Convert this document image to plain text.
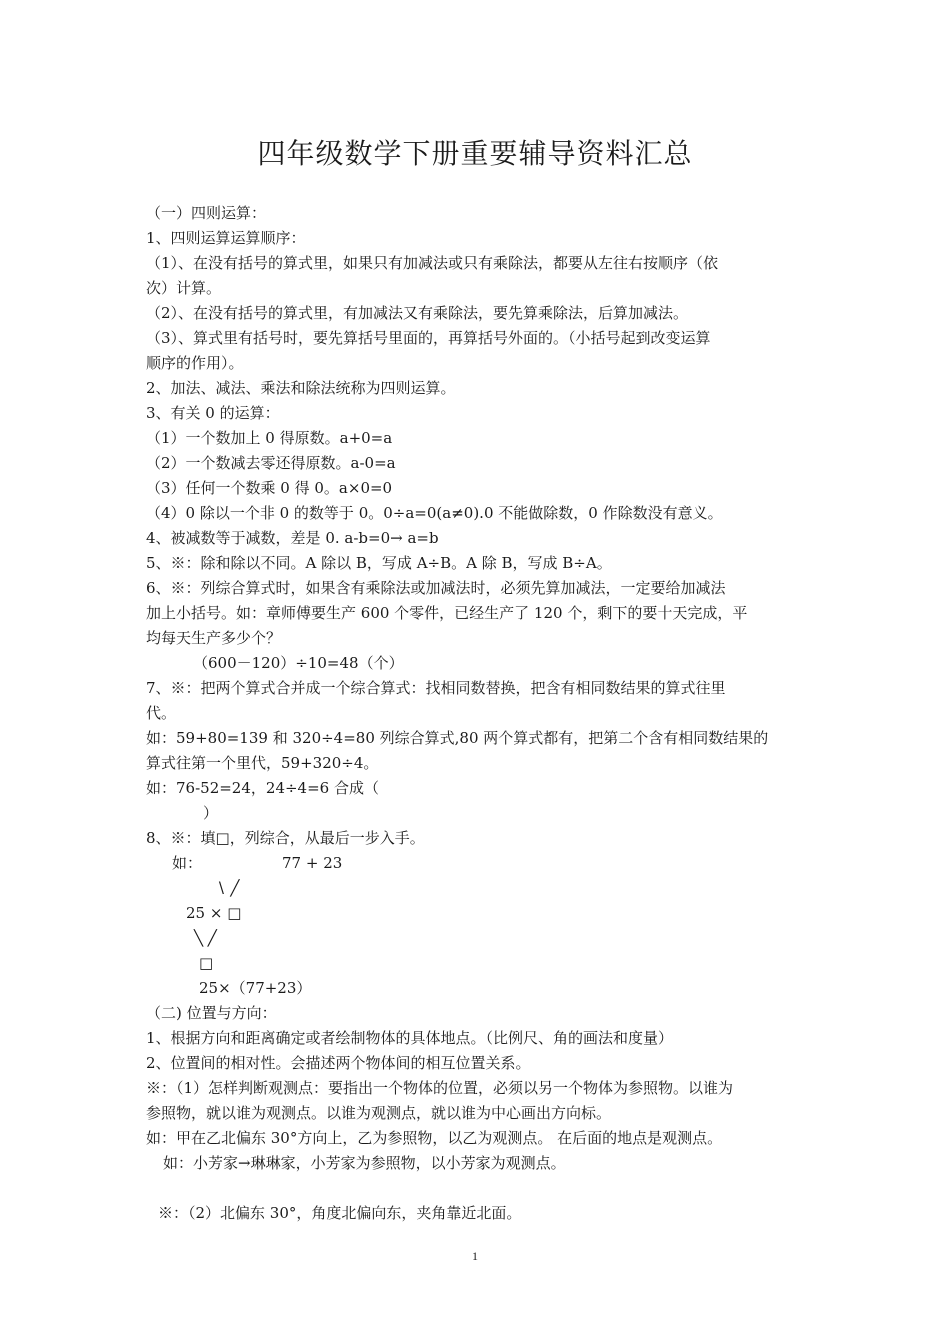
四年级数学下册重要辅导资料汇总
（一）四则运算：
1、四则运算运算顺序：
（1）、在没有括号的算式里，如果只有加减法或只有乘除法，都要从左往右按顺序（依
次）计算。
（2）、在没有括号的算式里，有加减法又有乘除法，要先算乘除法，后算加减法。
（3）、算式里有括号时，要先算括号里面的，再算括号外面的。（小括号起到改变运算
顺序的作用）。
2、加法、减法、乘法和除法统称为四则运算。
3、有关 0 的运算：
（1）一个数加上 0 得原数。a+0=a
（2）一个数减去零还得原数。a-0=a
（3）任何一个数乘 0 得 0。a×0=0
（4）0 除以一个非 0 的数等于 0。0÷a=0(a≠0).0 不能做除数，0 作除数没有意义。
4、被减数等于减数，差是 0. a-b=0→ a=b
5、※：除和除以不同。A 除以 B，写成 A÷B。A 除 B，写成 B÷A。
6、※：列综合算式时，如果含有乘除法或加减法时，必须先算加减法，一定要给加减法
加上小括号。如：章师傅要生产 600 个零件，已经生产了 120 个，剩下的要十天完成，平
均每天生产多少个？
（600－120）÷10=48（个）
7、※：把两个算式合并成一个综合算式：找相同数替换，把含有相同数结果的算式往里
代。
如：59+80=139 和 320÷4=80 列综合算式,80 两个算式都有，把第二个含有相同数结果的
算式往第一个里代，59+320÷4。
如：76-52=24，24÷4=6 合成（
）
8、※：填□，列综合，从最后一步入手。
如：	77 + 23
∖ ╱
25 × □
╲ ╱
□
25×（77+23）
（二) 位置与方向：
1、根据方向和距离确定或者绘制物体的具体地点。（比例尺、角的画法和度量）
2、位置间的相对性。会描述两个物体间的相互位置关系。
※：（1）怎样判断观测点：要指出一个物体的位置，必须以另一个物体为参照物。以谁为
参照物，就以谁为观测点。以谁为观测点，就以谁为中心画出方向标。
如：甲在乙北偏东 30°方向上，乙为参照物，以乙为观测点。 在后面的地点是观测点。
如：小芳家→琳琳家，小芳家为参照物，以小芳家为观测点。
※：（2）北偏东 30°，角度北偏向东，夹角靠近北面。
1
